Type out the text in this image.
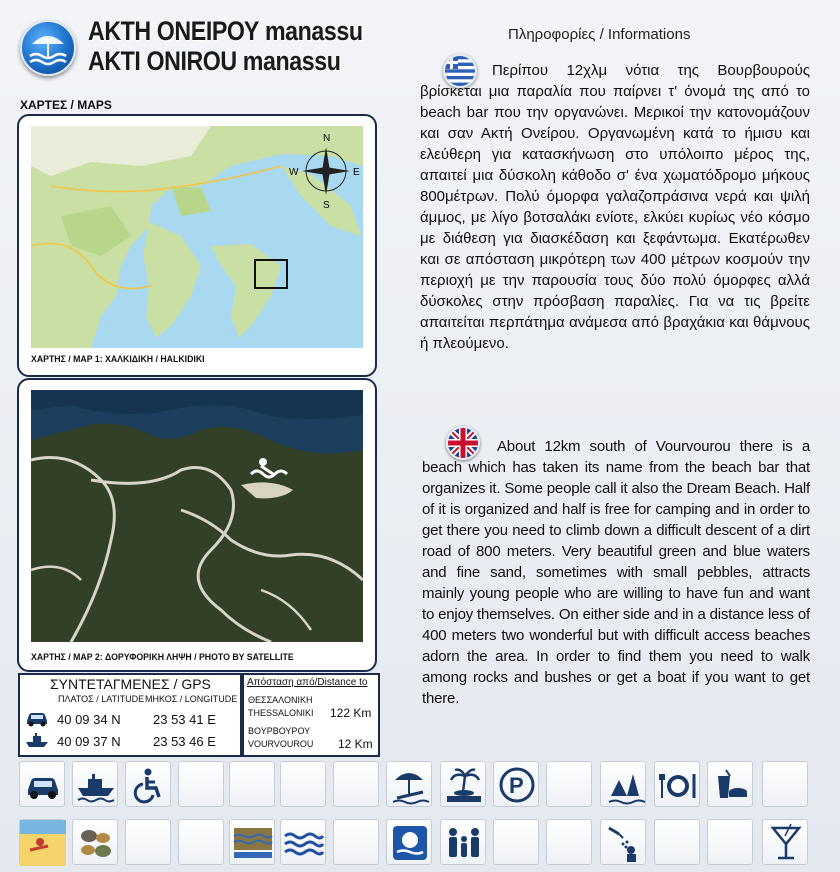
ΑΚΤΗ ΟΝΕΙΡΟΥ manassu
AKTI ONIROU manassu
Πληροφορίες / Informations
ΧΑΡΤΕΣ / MAPS
N
S
W	E
ΧΑΡΤΗΣ / MAP 1: ΧΑΛΚΙΔΙΚΗ / HALKIDIKI
ΧΑΡΤΗΣ / MAP 2: ΔΟΡΥΦΟΡΙΚΗ ΛΗΨΗ / PHOTO BY SATELLITE
Περίπου 12χλμ νότια της Βουρβουρούς βρίσκεται μια παραλία που παίρνει τ' όνομά της από το beach bar που την οργανώνει. Μερικοί την κατονομάζουν και σαν Ακτή Ονείρου. Οργανωμένη κατά το ήμισυ και ελεύθερη για κατασκήνωση στο υπόλοιπο μέρος της, απαιτεί μια δύσκολη κάθοδο σ' ένα χωματόδρομο μήκους 800μέτρων. Πολύ όμορφα γαλαζοπράσινα νερά και ψιλή άμμος, με λίγο βοτσαλάκι ενίοτε, ελκύει κυρίως νέο κόσμο με διάθεση για διασκέδαση και ξεφάντωμα. Εκατέρωθεν και σε απόσταση μικρότερη των 400 μέτρων κοσμούν την περιοχή με την παρουσία τους δύο πολύ όμορφες αλλά δύσκολες στην πρόσβαση παραλίες. Για να τις βρείτε απαιτείται περπάτημα ανάμεσα από βραχάκια και θάμνους ή πλεούμενο.
About 12km south of Vourvourou there is a beach which has taken its name from the beach bar that organizes it. Some people call it also the Dream Beach. Half of it is organized and half is free for camping and in order to get there you need to climb down a difficult descent of a dirt road of 800 meters. Very beautiful green and blue waters and fine sand, sometimes with small pebbles, attracts mainly young people who are willing to have fun and want to enjoy themselves. On either side and in a distance less of 400 meters two wonderful but with difficult access beaches adorn the area. In order to find them you need to walk among rocks and bushes or get a boat if you want to get there.
ΣΥΝΤΕΤΑΓΜΕΝΕΣ / GPS
ΠΛΑΤΟΣ / LATITUDE ΜΗΚΟΣ / LONGITUDE
40 09 34 N 23 53 41 E
40 09 37 N 23 53 46 E
Απόσταση από/Distance to
ΘΕΣΣΑΛΟΝΙΚΗ
THESSALONIKI 122 Km
ΒΟΥΡΒΟΥΡΟΥ
VOURVOUROU 12 Km
P
